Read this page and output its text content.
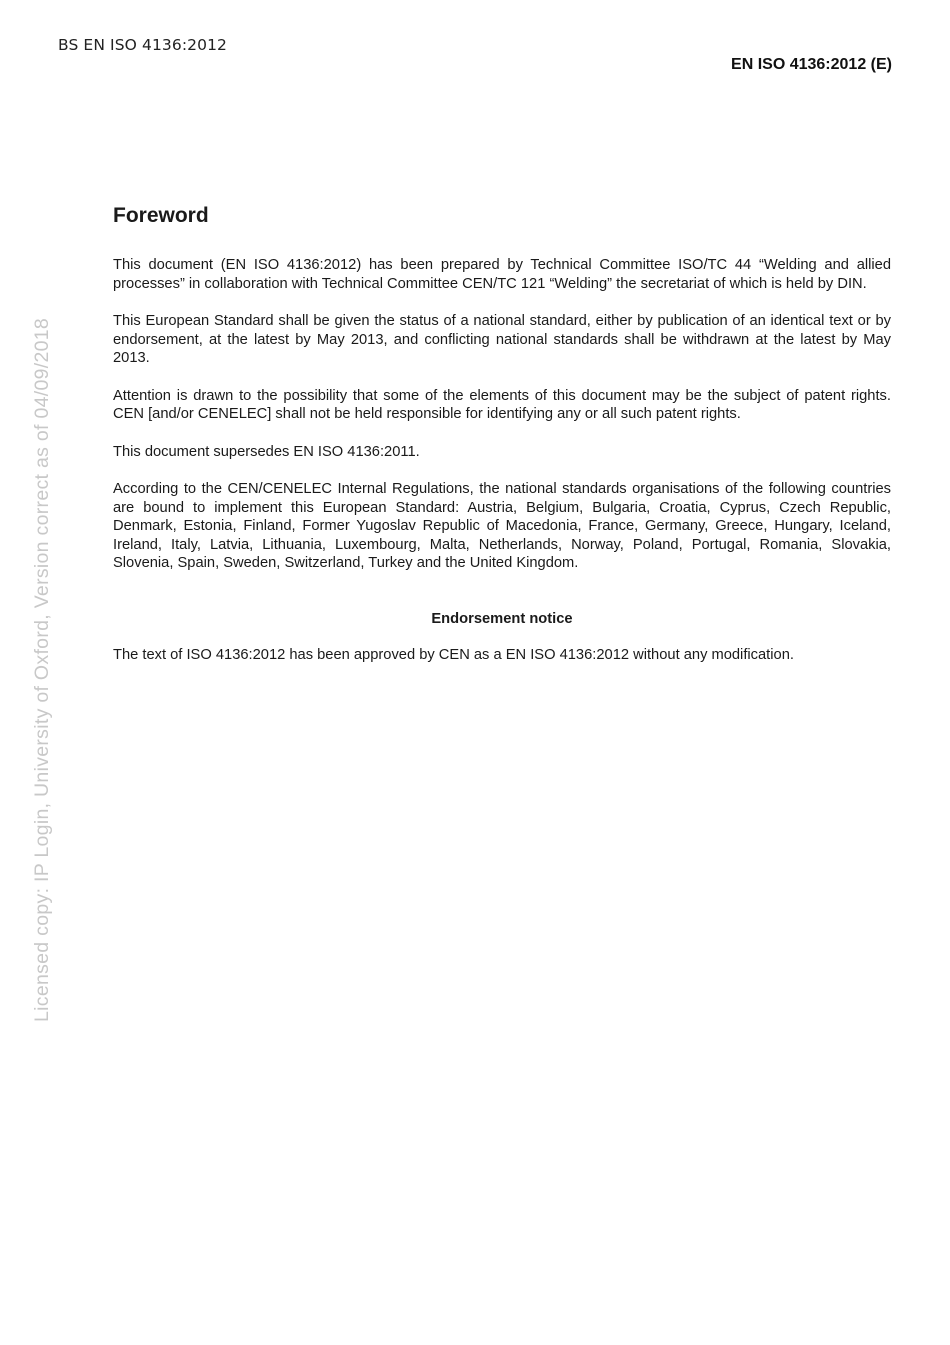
BS EN ISO 4136:2012
EN ISO 4136:2012 (E)
Licensed copy: IP Login, University of Oxford, Version correct as of 04/09/2018
Foreword

This document (EN ISO 4136:2012) has been prepared by Technical Committee ISO/TC 44 “Welding and allied processes” in collaboration with Technical Committee CEN/TC 121 “Welding” the secretariat of which is held by DIN.

This European Standard shall be given the status of a national standard, either by publication of an identical text or by endorsement, at the latest by May 2013, and conflicting national standards shall be withdrawn at the latest by May 2013.

Attention is drawn to the possibility that some of the elements of this document may be the subject of patent rights. CEN [and/or CENELEC] shall not be held responsible for identifying any or all such patent rights.

This document supersedes EN ISO 4136:2011.

According to the CEN/CENELEC Internal Regulations, the national standards organisations of the following countries are bound to implement this European Standard: Austria, Belgium, Bulgaria, Croatia, Cyprus, Czech Republic, Denmark, Estonia, Finland, Former Yugoslav Republic of Macedonia, France, Germany, Greece, Hungary, Iceland, Ireland, Italy, Latvia, Lithuania, Luxembourg, Malta, Netherlands, Norway, Poland, Portugal, Romania, Slovakia, Slovenia, Spain, Sweden, Switzerland, Turkey and the United Kingdom.

Endorsement notice

The text of ISO 4136:2012 has been approved by CEN as a EN ISO 4136:2012 without any modification.
